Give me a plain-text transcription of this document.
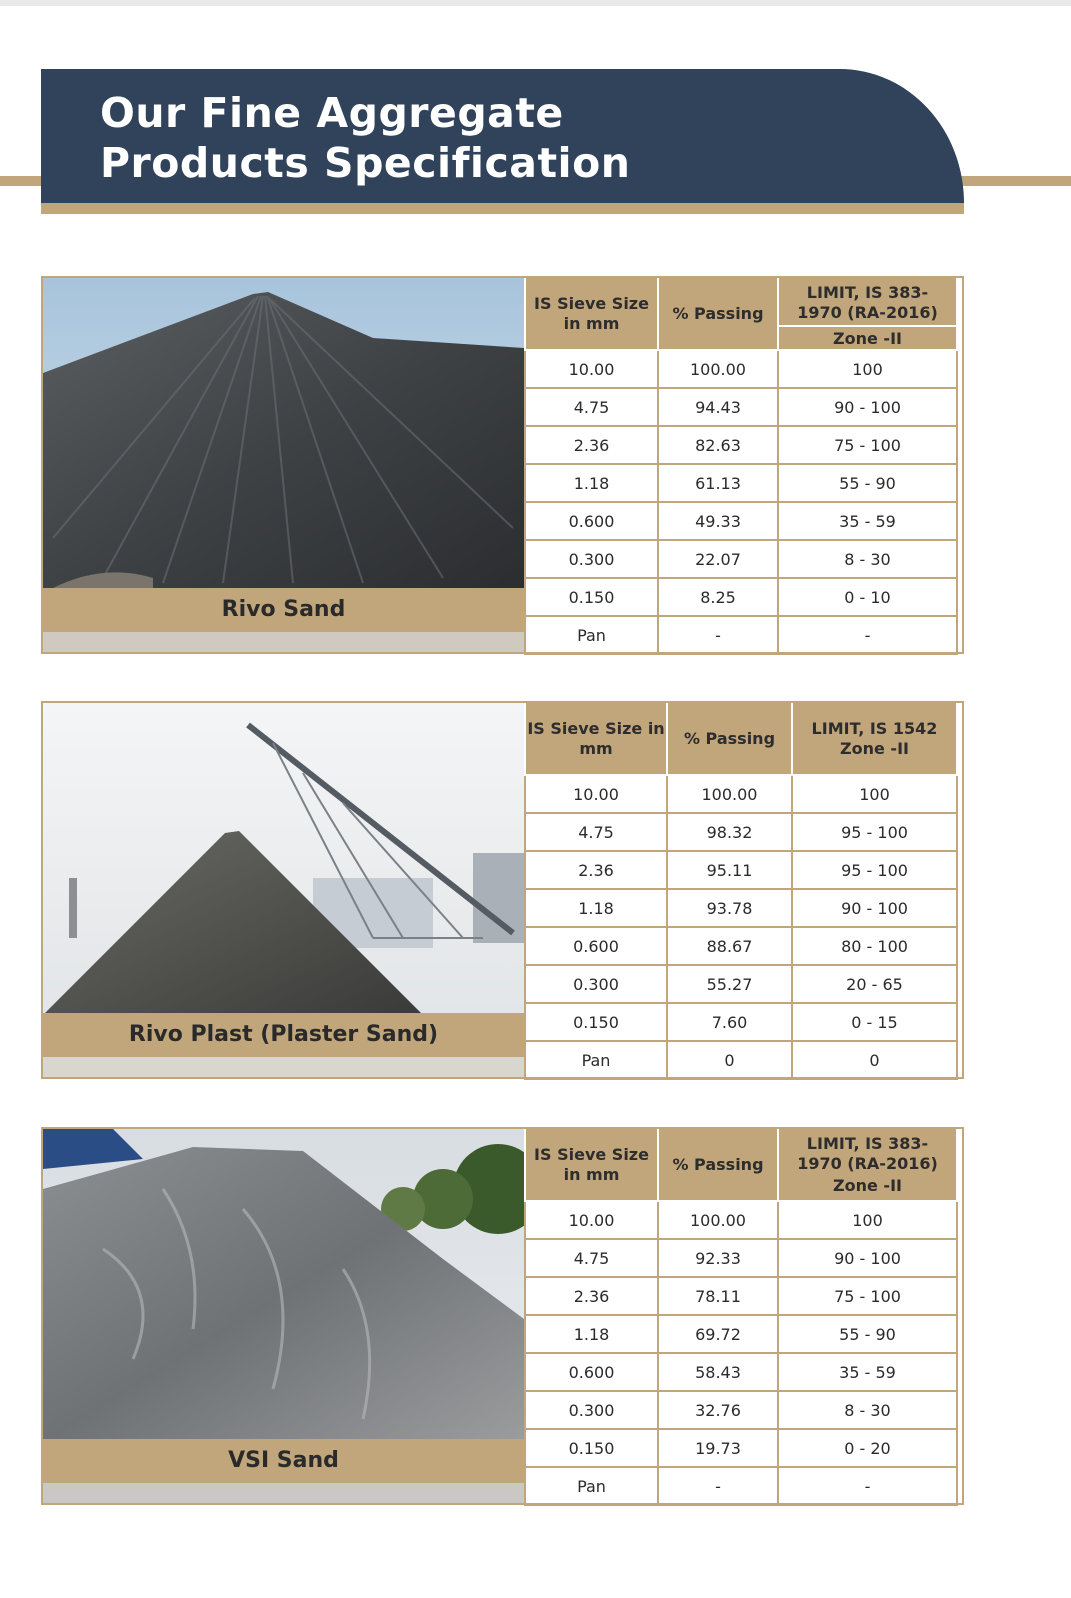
Our Fine Aggregate
Products Specification
Rivo Sand
IS Sieve Size in mm	% Passing	LIMIT, IS 383-1970 (RA-2016)
Zone -II

10.00	100.00	100
4.75	94.43	90 - 100
2.36	82.63	75 - 100
1.18	61.13	55 - 90
0.600	49.33	35 - 59
0.300	22.07	8 - 30
0.150	8.25	0 - 10
Pan	-	-
Rivo Plast (Plaster Sand)
IS Sieve Size in mm	% Passing	LIMIT, IS 1542
Zone -II

10.00	100.00	100
4.75	98.32	95 - 100
2.36	95.11	95 - 100
1.18	93.78	90 - 100
0.600	88.67	80 - 100
0.300	55.27	20 - 65
0.150	7.60	0 - 15
Pan	0	0
VSI Sand
IS Sieve Size in mm	% Passing	LIMIT, IS 383-1970 (RA-2016)
Zone -II

10.00	100.00	100
4.75	92.33	90 - 100
2.36	78.11	75 - 100
1.18	69.72	55 - 90
0.600	58.43	35 - 59
0.300	32.76	8 - 30
0.150	19.73	0 - 20
Pan	-	-
